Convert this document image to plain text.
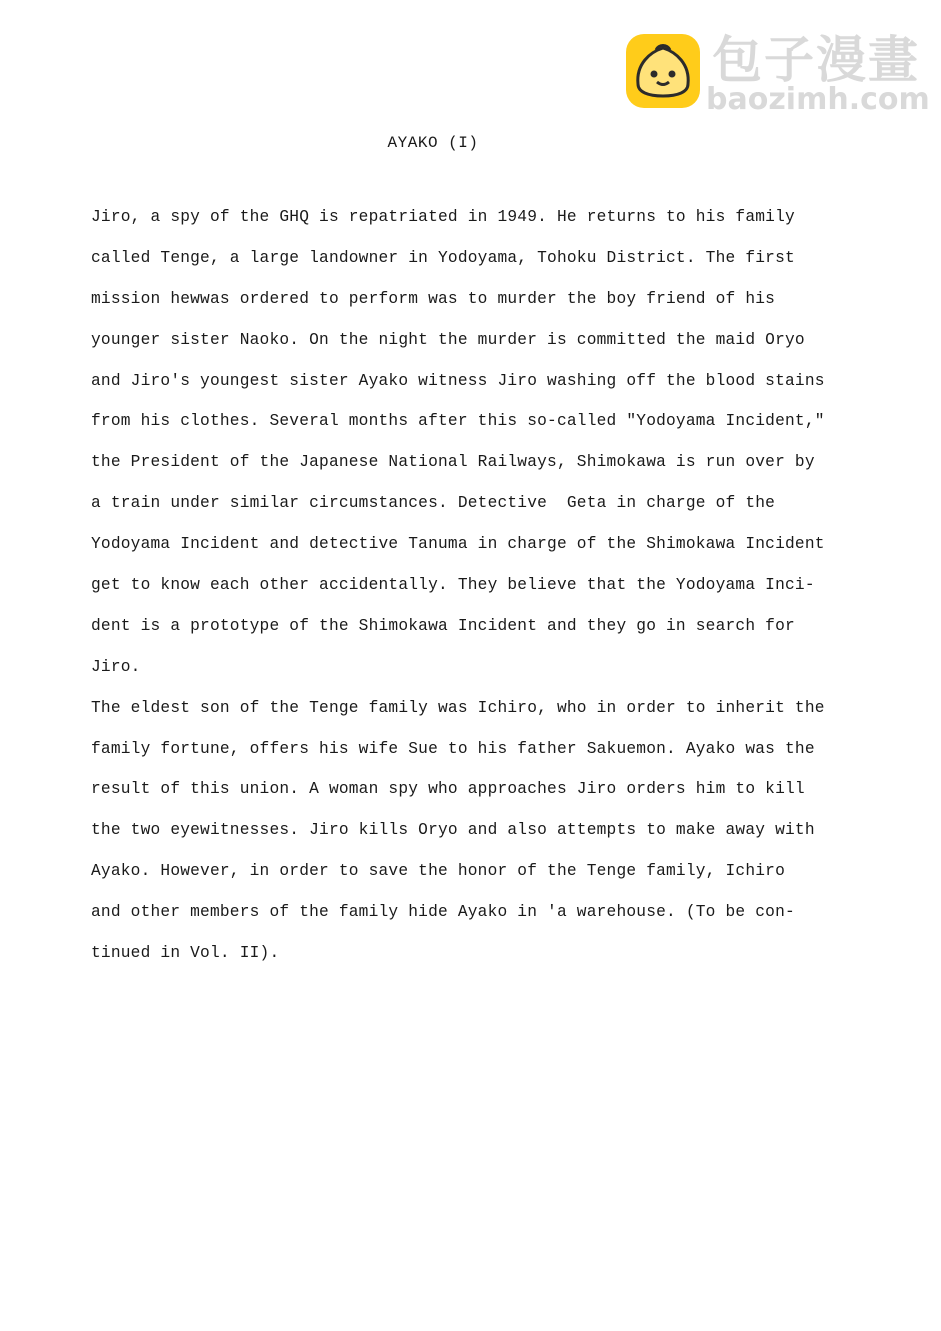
包子漫畫
baozimh.com
AYAKO (I)
Jiro, a spy of the GHQ is repatriated in 1949. He returns to his family
called Tenge, a large landowner in Yodoyama, Tohoku District. The first
mission hewwas ordered to perform was to murder the boy friend of his
younger sister Naoko. On the night the murder is committed the maid Oryo
and Jiro's youngest sister Ayako witness Jiro washing off the blood stains
from his clothes. Several months after this so-called "Yodoyama Incident,"
the President of the Japanese National Railways, Shimokawa is run over by
a train under similar circumstances. Detective  Geta in charge of the
Yodoyama Incident and detective Tanuma in charge of the Shimokawa Incident
get to know each other accidentally. They believe that the Yodoyama Inci-
dent is a prototype of the Shimokawa Incident and they go in search for
Jiro.
The eldest son of the Tenge family was Ichiro, who in order to inherit the
family fortune, offers his wife Sue to his father Sakuemon. Ayako was the
result of this union. A woman spy who approaches Jiro orders him to kill
the two eyewitnesses. Jiro kills Oryo and also attempts to make away with
Ayako. However, in order to save the honor of the Tenge family, Ichiro
and other members of the family hide Ayako in 'a warehouse. (To be con-
tinued in Vol. II).
